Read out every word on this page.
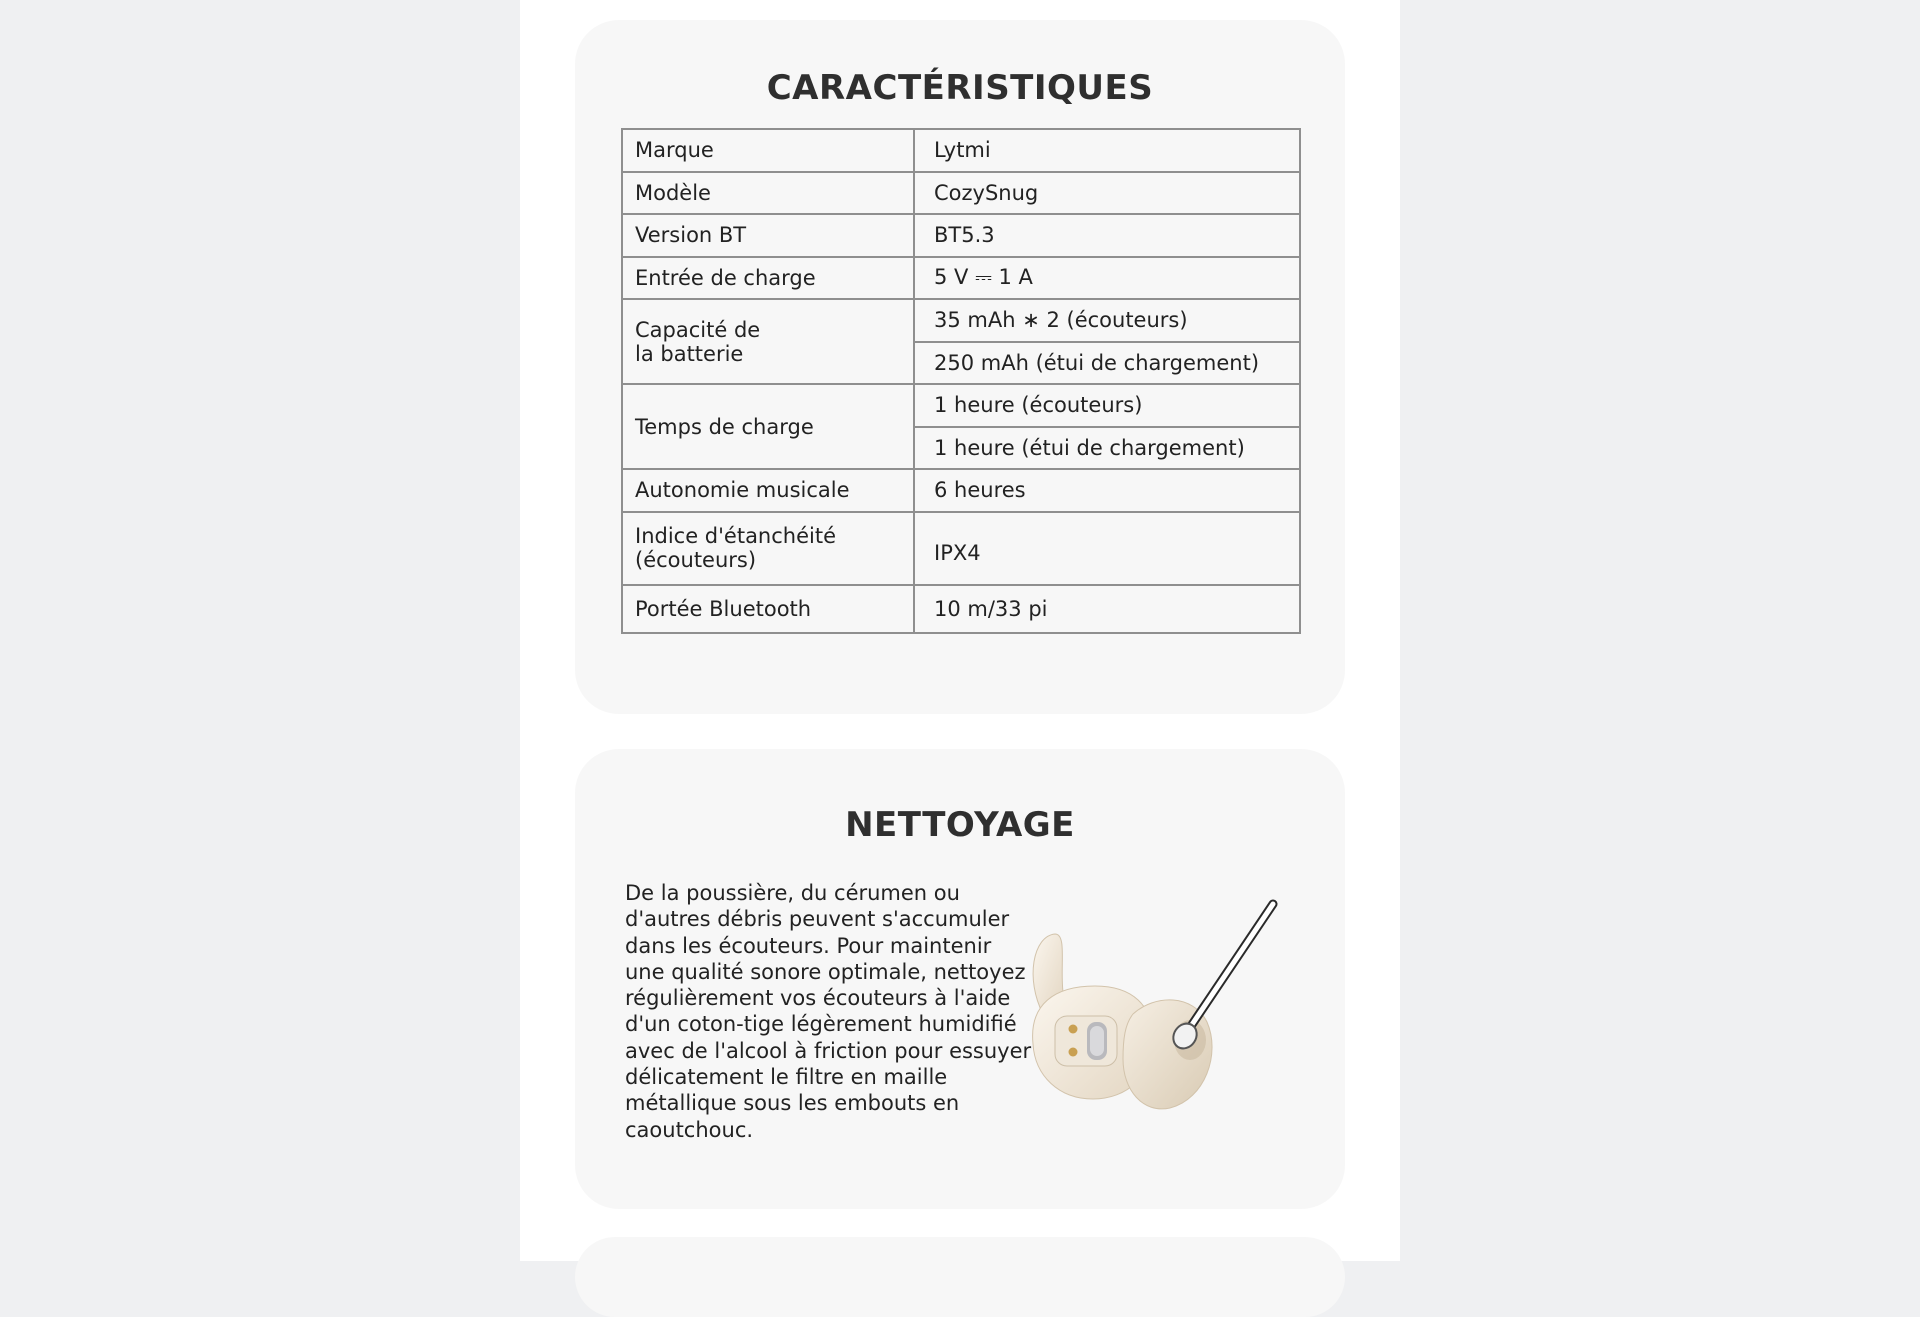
CARACTÉRISTIQUES
Marque	Lytmi
Modèle	CozySnug
Version BT	BT5.3
Entrée de charge	5 V ⎓ 1 A

Capacité de
la batterie	35 mAh ∗ 2 (écouteurs)
	250 mAh (étui de chargement)
Temps de charge	1 heure (écouteurs)
	1 heure (étui de chargement)
Autonomie musicale	6 heures

Indice d'étanchéité
(écouteurs)	IPX4
Portée Bluetooth	10 m/33 pi
NETTOYAGE

De la poussière, du cérumen ou d'autres débris peuvent s'accumuler dans les écouteurs. Pour maintenir une qualité sonore optimale, nettoyez régulièrement vos écouteurs à l'aide d'un coton-tige légèrement humidifié avec de l'alcool à friction pour essuyer délicatement le filtre en maille métallique sous les embouts en caoutchouc.
